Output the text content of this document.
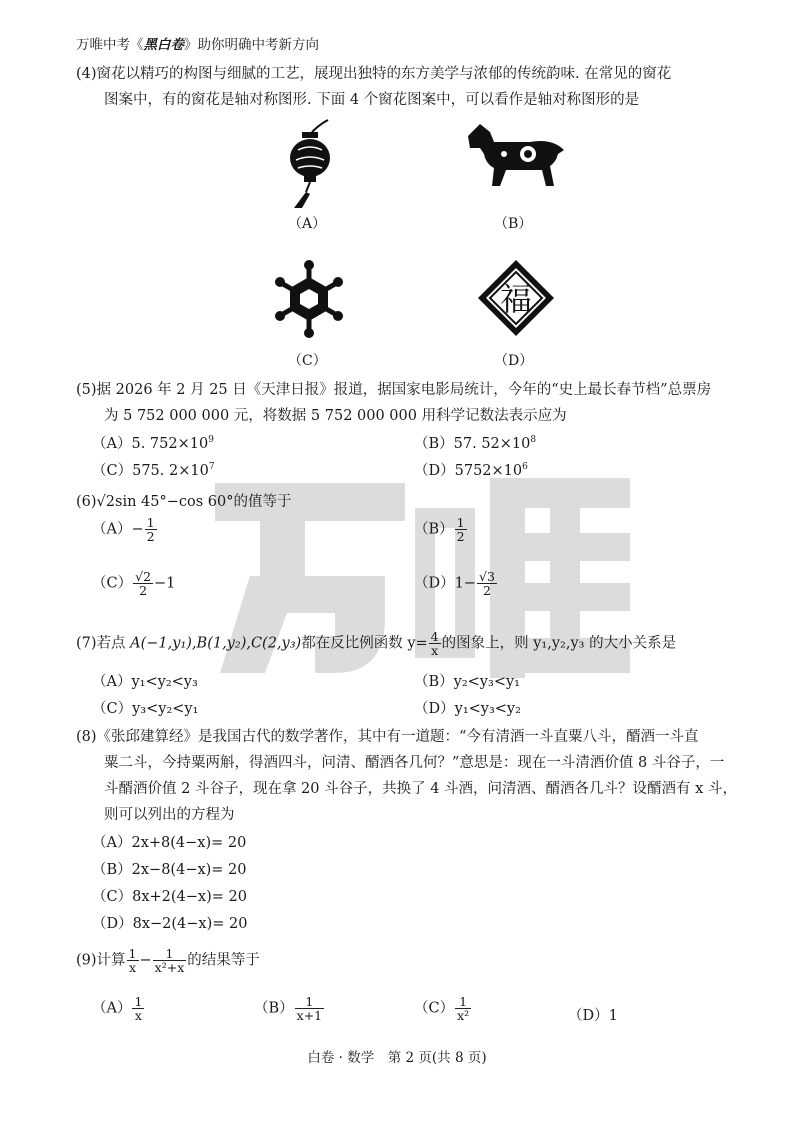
万唯中考《黑白卷》助你明确中考新方向
(4)窗花以精巧的构图与细腻的工艺，展现出独特的东方美学与浓郁的传统韵味. 在常见的窗花
图案中，有的窗花是轴对称图形. 下面 4 个窗花图案中，可以看作是轴对称图形的是
（A）	（B）
福
（C）	（D）
(5)据 2026 年 2 月 25 日《天津日报》报道，据国家电影局统计，今年的“史上最长春节档”总票房
为 5 752 000 000 元，将数据 5 752 000 000 用科学记数法表示应为
（A）5. $752\times 10^9$	（B）57. $52\times 10^8$
（C）575. $2\times 10^7$	$(D)5752\times 10^6$
(6)√2sin 45°−cos 60°的值等于
$(A)- \frac{1}{2}$	$(B) \frac{1}{2}$
$(C) \frac{√2}{2} -1$	$(D)1- \frac{√3}{2}$
(7)若点 A(−1,y₁),B(1,y₂),C(2,y₃)都在反比例函数 $y= \frac{4}{x}$ 的图象上，则 y₁,y₂,y₃ 的大小关系是
（A）y₁<y₂<y₃	（B）y₂<y₃<y₁
（C）y₃<y₂<y₁	（D）y₁<y₃<y₂
(8)《张邱建算经》是我国古代的数学著作，其中有一道题：“今有清酒一斗直粟八斗，醑酒一斗直
粟二斗，今持粟两斛，得酒四斗，问清、醑酒各几何？”意思是：现在一斗清酒价值 8 斗谷子，一
斗醑酒价值 2 斗谷子，现在拿 20 斗谷子，共换了 4 斗酒，问清酒、醑酒各几斗？设醑酒有 x 斗，
则可以列出的方程为
（A）2x+8(4−x)= 20
（B）2x−8(4−x)= 20
（C）8x+2(4−x)= 20
（D）8x−2(4−x)= 20
(9)计算 $\frac{1}{x} - \frac{1}{\text{x²+x}}$ 的结果等于
$(A) \frac{1}{x}$	$(B) \frac{1}{x+1}$	$(C) \frac{1}{\text{x²}}$	（D）1
白卷 · 数学　第 2 页(共 8 页)
